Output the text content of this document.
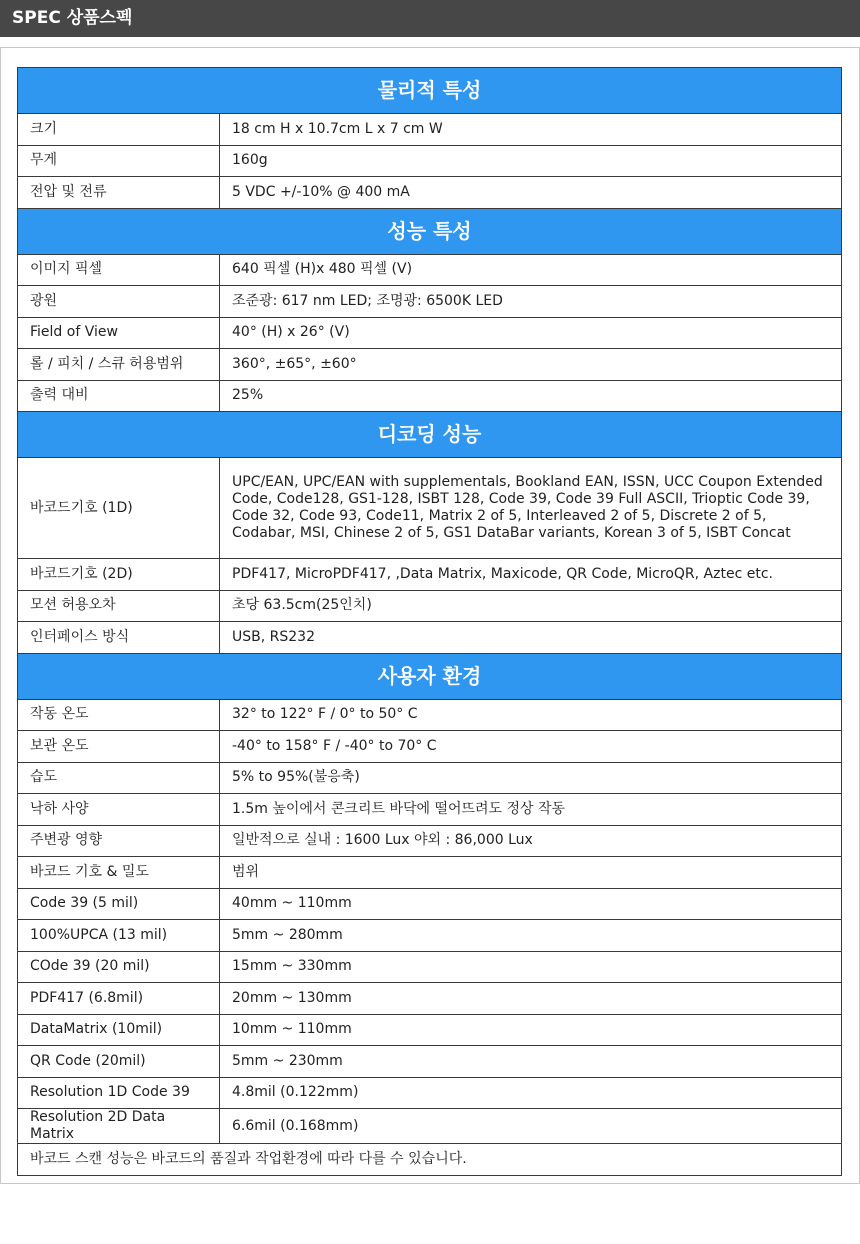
SPEC 상품스펙
물리적 특성	
크기	18 cm H x 10.7cm L x 7 cm W
무게	160g
전압 및 전류	5 VDC +/-10% @ 400 mA
성능 특성	
이미지 픽셀	640 픽셀 (H)x 480 픽셀 (V)
광원	조준광: 617 nm LED; 조명광: 6500K LED
Field of View	40° (H) x 26° (V)
롤 / 피치 / 스큐 허용범위	360°, ±65°, ±60°
출력 대비	25%
디코딩 성능	
바코드기호 (1D)	UPC/EAN, UPC/EAN with supplementals, Bookland EAN, ISSN, UCC Coupon Extended Code, Code128, GS1-128, ISBT 128, Code 39, Code 39 Full ASCII, Trioptic Code 39, Code 32, Code 93, Code11, Matrix 2 of 5, Interleaved 2 of 5, Discrete 2 of 5, Codabar, MSI, Chinese 2 of 5, GS1 DataBar variants, Korean 3 of 5, ISBT Concat
바코드기호 (2D)	PDF417, MicroPDF417, ,Data Matrix, Maxicode, QR Code, MicroQR, Aztec etc.
모션 허용오차	초당 63.5cm(25인치)
인터페이스 방식	USB, RS232
사용자 환경	
작동 온도	32° to 122° F / 0° to 50° C
보관 온도	-40° to 158° F / -40° to 70° C
습도	5% to 95%(불응축)
낙하 사양	1.5m 높이에서 콘크리트 바닥에 떨어뜨려도 정상 작동
주변광 영향	일반적으로 실내 : 1600 Lux 야외 : 86,000 Lux
바코드 기호 & 밀도	범위
Code 39 (5 mil)	40mm ~ 110mm
100%UPCA (13 mil)	5mm ~ 280mm
COde 39 (20 mil)	15mm ~ 330mm
PDF417 (6.8mil)	20mm ~ 130mm
DataMatrix (10mil)	10mm ~ 110mm
QR Code (20mil)	5mm ~ 230mm
Resolution 1D Code 39	4.8mil (0.122mm)
Resolution 2D Data Matrix	6.6mil (0.168mm)
바코드 스캔 성능은 바코드의 품질과 작업환경에 따라 다를 수 있습니다.	
